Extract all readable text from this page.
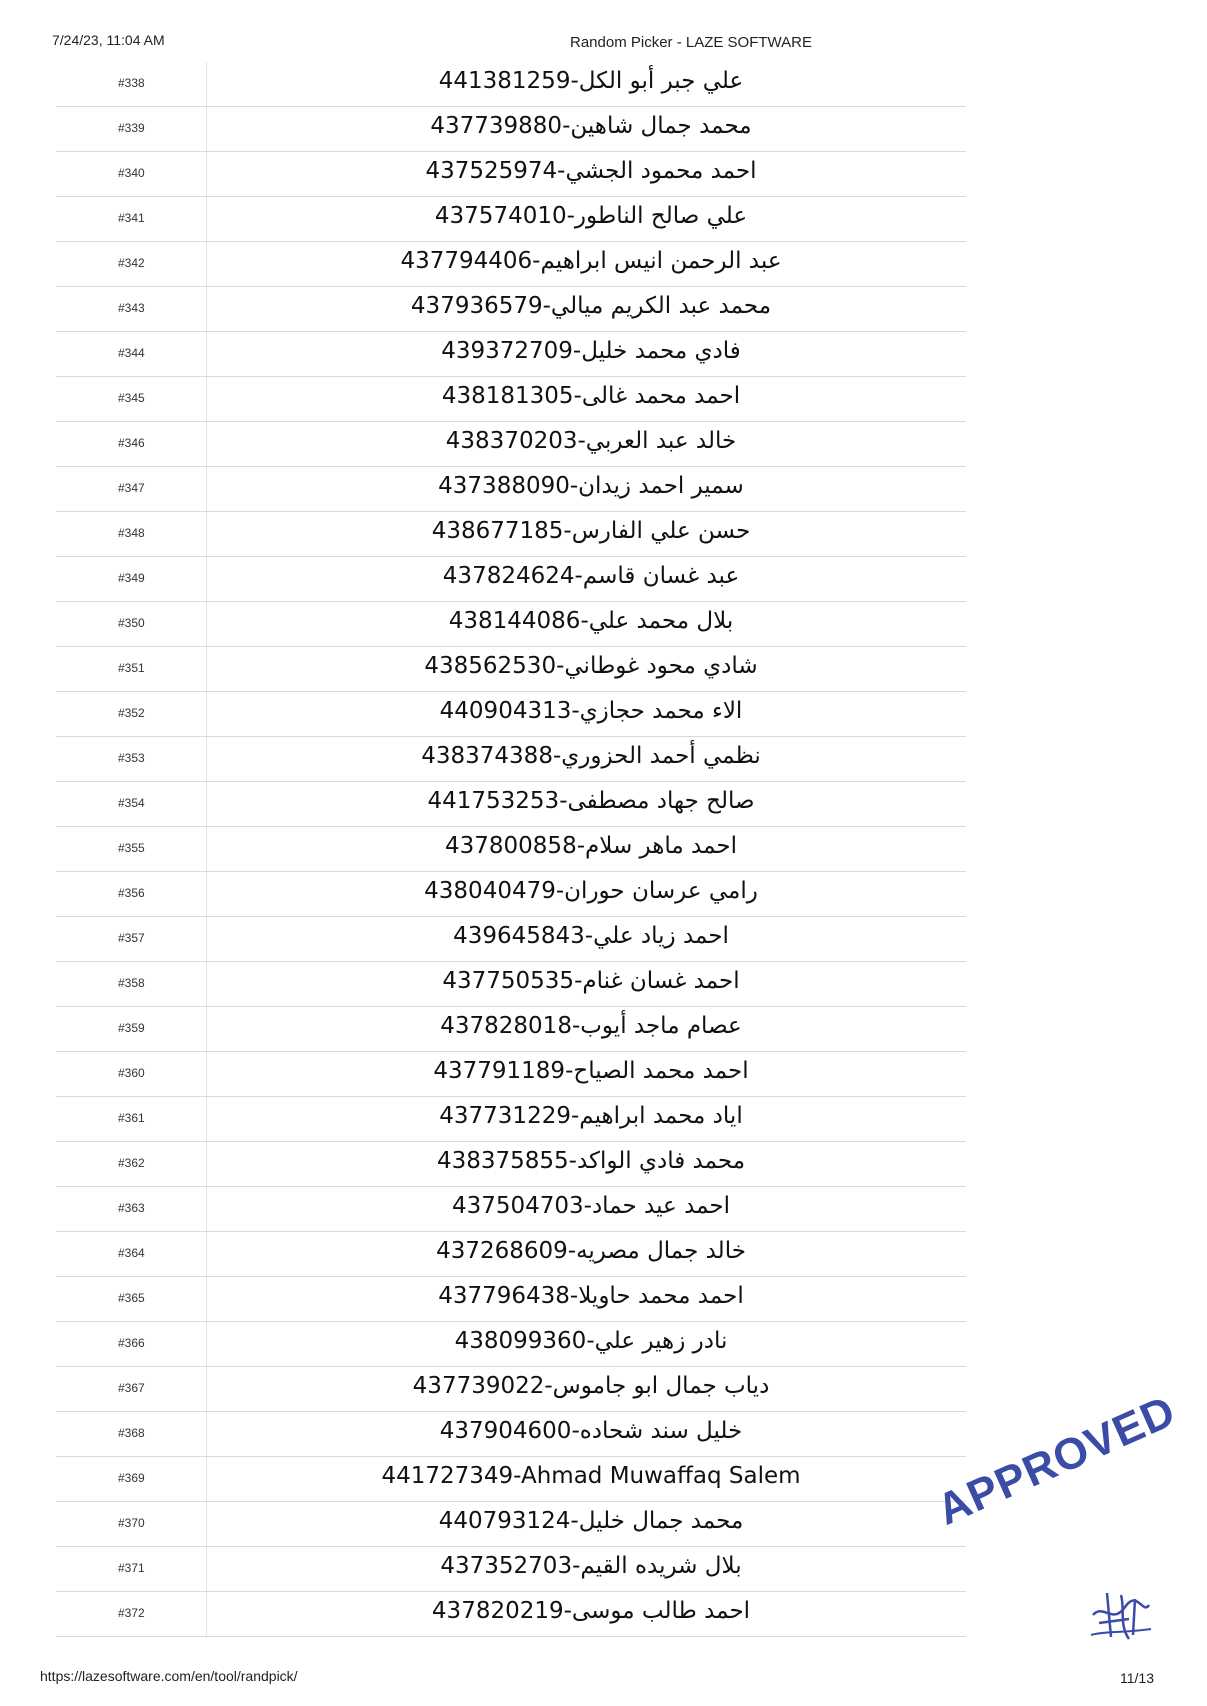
7/24/23, 11:04 AM	Random Picker - LAZE SOFTWARE
#338	علي جبر أبو الكل-441381259
#339	محمد جمال شاهين-437739880
#340	احمد محمود الجشي-437525974
#341	علي صالح الناطور-437574010
#342	عبد الرحمن انيس ابراهيم-437794406
#343	محمد عبد الكريم ميالي-437936579
#344	فادي محمد خليل-439372709
#345	احمد محمد غالى-438181305
#346	خالد عبد العربي-438370203
#347	سمير احمد زيدان-437388090
#348	حسن علي الفارس-438677185
#349	عبد غسان قاسم-437824624
#350	بلال محمد علي-438144086
#351	شادي محود غوطاني-438562530
#352	الاء محمد حجازي-440904313
#353	نظمي أحمد الحزوري-438374388
#354	صالح جهاد مصطفى-441753253
#355	احمد ماهر سلام-437800858
#356	رامي عرسان حوران-438040479
#357	احمد زياد علي-439645843
#358	احمد غسان غنام-437750535
#359	عصام ماجد أيوب-437828018
#360	احمد محمد الصياح-437791189
#361	اياد محمد ابراهيم-437731229
#362	محمد فادي الواكد-438375855
#363	احمد عيد حماد-437504703
#364	خالد جمال مصريه-437268609
#365	احمد محمد حاويلا-437796438
#366	نادر زهير علي-438099360
#367	دياب جمال ابو جاموس-437739022
#368	خليل سند شحاده-437904600
#369	441727349-Ahmad Muwaffaq Salem
#370	محمد جمال خليل-440793124
#371	بلال شريده القيم-437352703
#372	احمد طالب موسى-437820219
APPROVED
https://lazesoftware.com/en/tool/randpick/	11/13
